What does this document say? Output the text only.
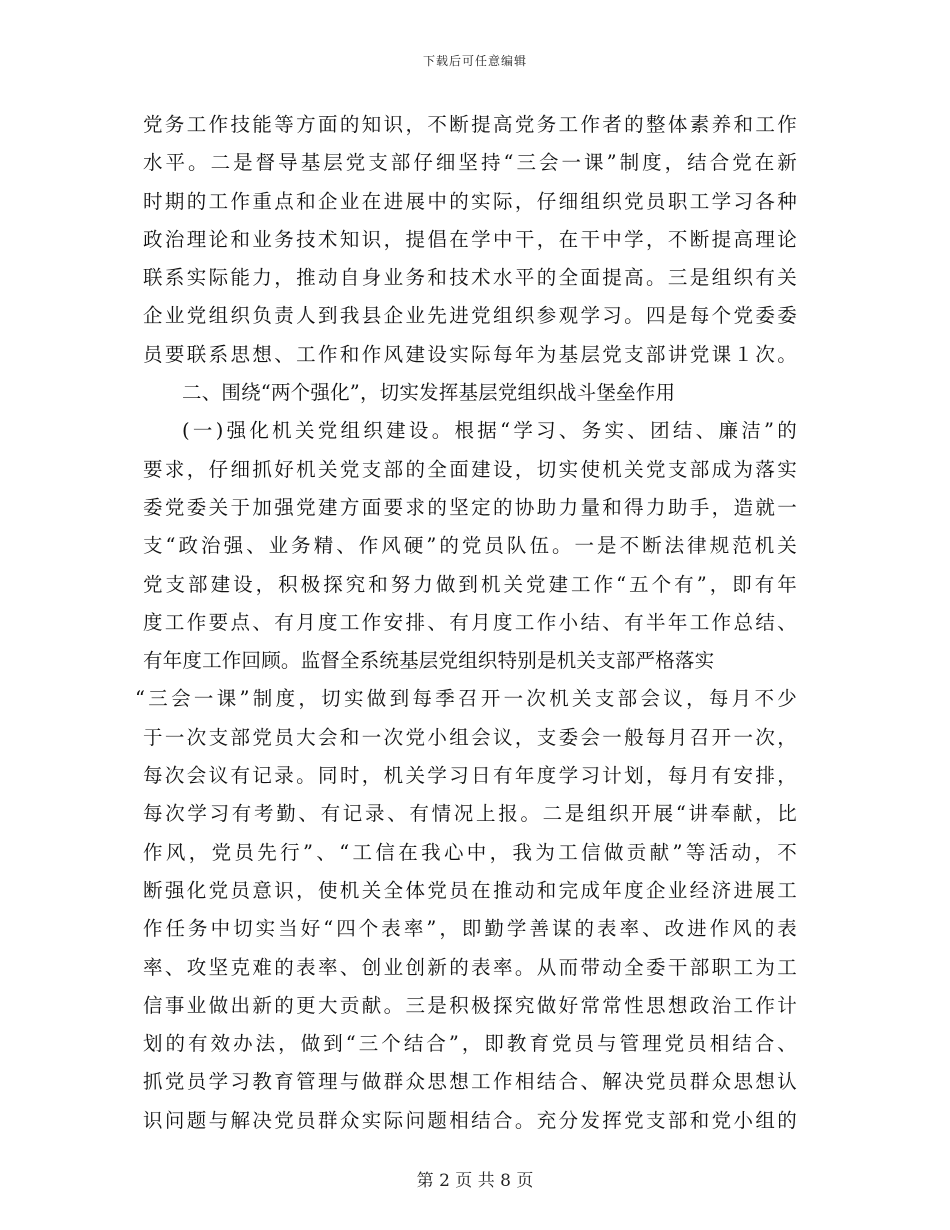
下载后可任意编辑
党务工作技能等方面的知识，不断提高党务工作者的整体素养和工作
水平。二是督导基层党支部仔细坚持“三会一课”制度，结合党在新
时期的工作重点和企业在进展中的实际，仔细组织党员职工学习各种
政治理论和业务技术知识，提倡在学中干，在干中学，不断提高理论
联系实际能力，推动自身业务和技术水平的全面提高。三是组织有关
企业党组织负责人到我县企业先进党组织参观学习。四是每个党委委
员要联系思想、工作和作风建设实际每年为基层党支部讲党课１次。
二、围绕“两个强化”，切实发挥基层党组织战斗堡垒作用
(一)强化机关党组织建设。根据“学习、务实、团结、廉洁”的
要求，仔细抓好机关党支部的全面建设，切实使机关党支部成为落实
委党委关于加强党建方面要求的坚定的协助力量和得力助手，造就一
支“政治强、业务精、作风硬”的党员队伍。一是不断法律规范机关
党支部建设，积极探究和努力做到机关党建工作“五个有”，即有年
度工作要点、有月度工作安排、有月度工作小结、有半年工作总结、
有年度工作回顾。监督全系统基层党组织特别是机关支部严格落实
“三会一课”制度，切实做到每季召开一次机关支部会议，每月不少
于一次支部党员大会和一次党小组会议，支委会一般每月召开一次，
每次会议有记录。同时，机关学习日有年度学习计划，每月有安排，
每次学习有考勤、有记录、有情况上报。二是组织开展“讲奉献，比
作风，党员先行”、“工信在我心中，我为工信做贡献”等活动，不
断强化党员意识，使机关全体党员在推动和完成年度企业经济进展工
作任务中切实当好“四个表率”，即勤学善谋的表率、改进作风的表
率、攻坚克难的表率、创业创新的表率。从而带动全委干部职工为工
信事业做出新的更大贡献。三是积极探究做好常常性思想政治工作计
划的有效办法，做到“三个结合”，即教育党员与管理党员相结合、
抓党员学习教育管理与做群众思想工作相结合、解决党员群众思想认
识问题与解决党员群众实际问题相结合。充分发挥党支部和党小组的
第 2 页 共 8 页
